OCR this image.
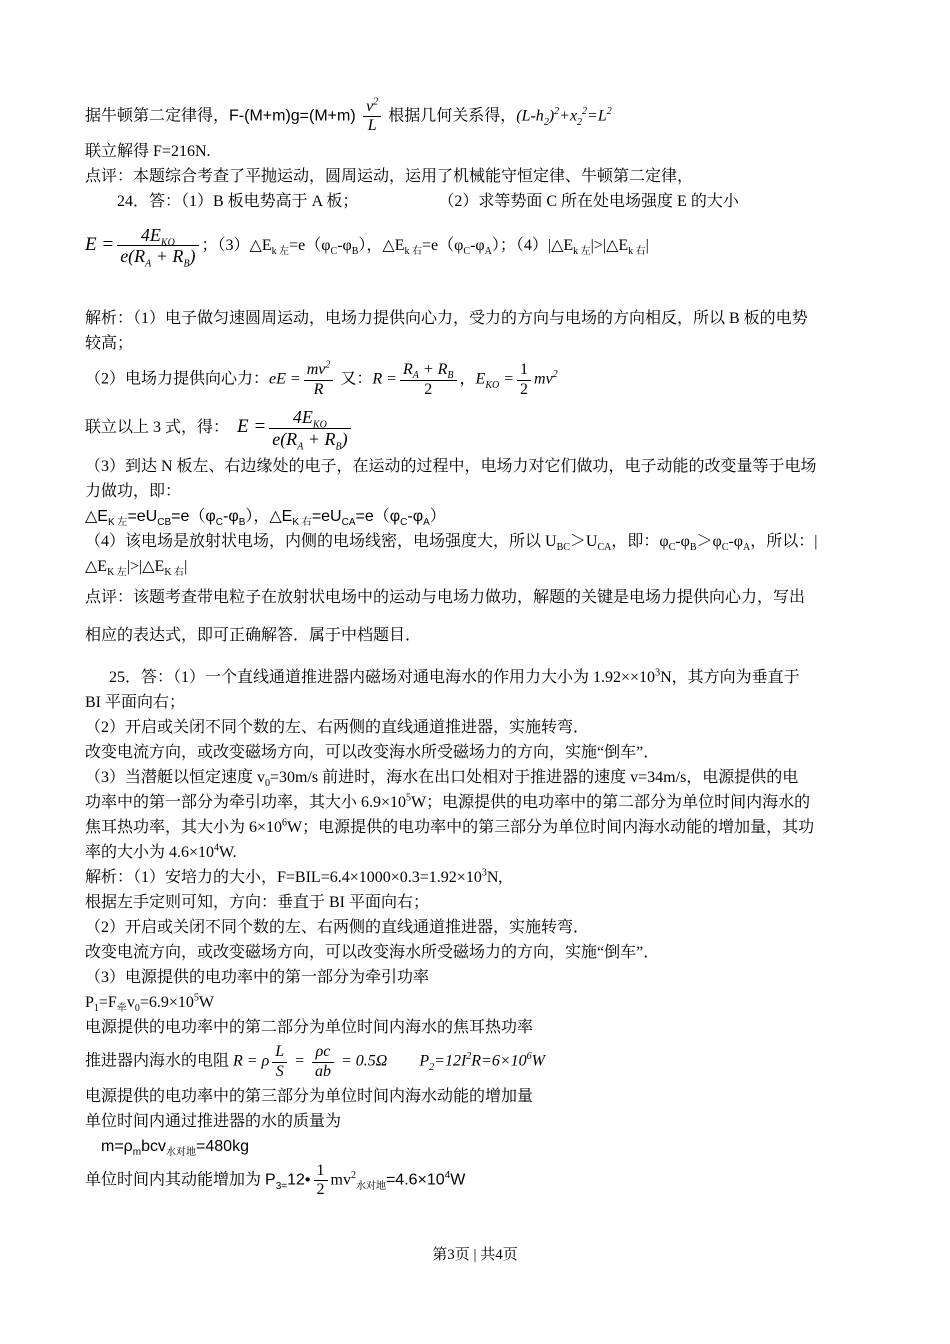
据牛顿第二定律得，$F-(M+m)g=(M+m) \frac{v^2}{L}$ 根据几何关系得，$(L-h_2)^2+x_2^2=L^2$
联立解得 F=216N.
点评：本题综合考查了平抛运动，圆周运动，运用了机械能守恒定律、牛顿第二定律，
24．答：（1）B 板电势高于 A 板；　　　　　　	（2）求等势面 C 所在处电场强度 E 的大小
$E = \frac{4E_{KO}}{e(R_A + R_B)}$ ；$(3)\triangle E_{k 左}=e(\varphi_C-\varphi_B)$，$\triangle E_{k 右}=e(\varphi_C-\varphi_A)$；$(4)|\triangle E_{k 左}|>|\triangle E_{k 右}|$
解析：（1）电子做匀速圆周运动，电场力提供向心力，受力的方向与电场的方向相反，所以 B 板的电势
较高；
（2）电场力提供向心力：eE = $\frac{mv^2}{R}$ 又：$R = \frac{R_A + R_B}{2}$ ，$E_{KO} = \frac{1}{2} mv^2$
联立以上 3 式，得：　$E = \frac{4E_{KO}}{e(R_A + R_B)}$
（3）到达 N 板左、右边缘处的电子，在运动的过程中，电场力对它们做功，电子动能的改变量等于电场
力做功，即：
$\triangle E_{K 左}=eU_{CB}=e(\varphi_C-\varphi_B)$，$\triangle E_{K 右}=eU_{CA}=e(\varphi_C-\varphi_A)$
（4）该电场是放射状电场，内侧的电场线密，电场强度大，所以 $U_{BC}>U_{CA}$，即：$\varphi_C-\varphi_B>\varphi_C-\varphi_A$，所以：|
$\triangle E_{K 左}|>|\triangle E_{K 右}|$
点评：该题考查带电粒子在放射状电场中的运动与电场力做功，解题的关键是电场力提供向心力，写出
相应的表达式，即可正确解答．属于中档题目．
25．答：（1）一个直线通道推进器内磁场对通电海水的作用力大小为 $1.92\times\times 10^3N$，其方向为垂直于
BI 平面向右；
（2）开启或关闭不同个数的左、右两侧的直线通道推进器，实施转弯．
改变电流方向，或改变磁场方向，可以改变海水所受磁场力的方向，实施“倒车”．
（3）当潜艇以恒定速度 $v_0=30m/s$ 前进时，海水在出口处相对于推进器的速度 v=34m/s，电源提供的电
功率中的第一部分为牵引功率，其大小 $6.9\times 10^5W$；电源提供的电功率中的第二部分为单位时间内海水的
焦耳热功率，其大小为 $6\times 10^6W$；电源提供的电功率中的第三部分为单位时间内海水动能的增加量，其功
率的大小为 $4.6\times 10^4W$.
解析：（1）安培力的大小，$F=BIL=6.4\times 1000\times 0.3=1.92\times 10^3N$,
根据左手定则可知，方向：垂直于 BI 平面向右；
（2）开启或关闭不同个数的左、右两侧的直线通道推进器，实施转弯．
改变电流方向，或改变磁场方向，可以改变海水所受磁场力的方向，实施“倒车”．
（3）电源提供的电功率中的第一部分为牵引功率
$P_1=F_牵v_0=6.9\times 10^5W$
电源提供的电功率中的第二部分为单位时间内海水的焦耳热功率
推进器内海水的电阻 R = ρ $\frac{L}{S} = \frac{\rho c}{ab} = 0.5\Omega$　　 $P_2=12I^2R=6\times 10^6W$
电源提供的电功率中的第三部分为单位时间内海水动能的增加量
单位时间内通过推进器的水的质量为
$m=\rho_mbcv_{水对地}=480kg$
单位时间内其动能增加为 $P_{3=}12• \frac{1}{2} mv^2_{水对地}=4.6\times 10^4W$
第3页 | 共4页
